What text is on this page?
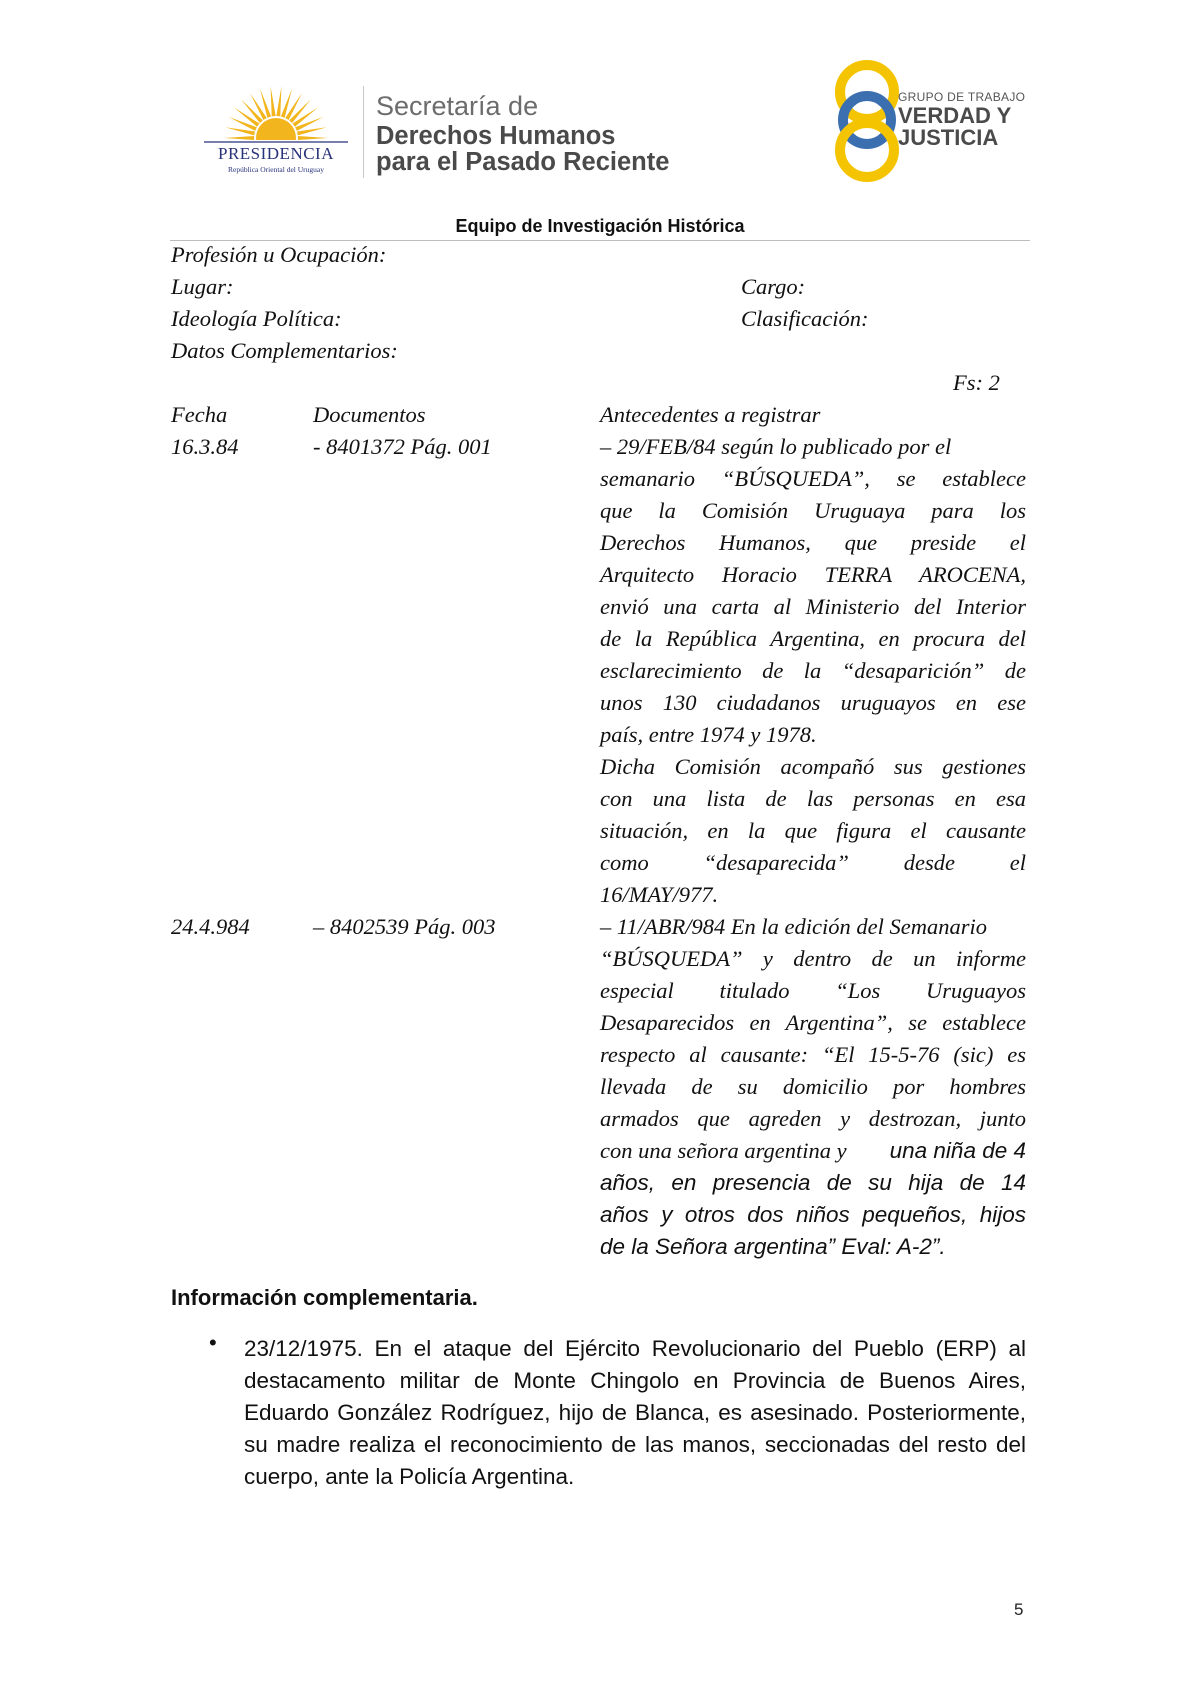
PRESIDENCIA
República Oriental del Uruguay
Secretaría de
Derechos Humanos
para el Pasado Reciente
GRUPO DE TRABAJO
VERDAD Y
JUSTICIA
Equipo de Investigación Histórica
Profesión u Ocupación:
Lugar:	Cargo:
Ideología Política:	Clasificación:
Datos Complementarios:
Fs: 2
Fecha	Documentos	Antecedentes a registrar
16.3.84	- 8401372 Pág. 001	– 29/FEB/84 según lo publicado por el
semanario “BÚSQUEDA”, se establece
que la Comisión Uruguaya para los
Derechos Humanos, que preside el
Arquitecto Horacio TERRA AROCENA,
envió una carta al Ministerio del Interior
de la República Argentina, en procura del
esclarecimiento de la “desaparición” de
unos 130 ciudadanos uruguayos en ese
país, entre 1974 y 1978.
Dicha Comisión acompañó sus gestiones
con una lista de las personas en esa
situación, en la que figura el causante
como “desaparecida” desde el
16/MAY/977.
24.4.984	– 8402539 Pág. 003	– 11/ABR/984 En la edición del Semanario
“BÚSQUEDA” y dentro de un informe
especial titulado “Los Uruguayos
Desaparecidos en Argentina”, se establece
respecto al causante: “El 15-5-76 (sic) es
llevada de su domicilio por hombres
armados que agreden y destrozan, junto
con una señora argentina y una niña de 4
años, en presencia de su hija de 14
años y otros dos niños pequeños, hijos
de la Señora argentina” Eval: A-2”.
Información complementaria.
• 23/12/1975. En el ataque del Ejército Revolucionario del Pueblo (ERP) al destacamento militar de Monte Chingolo en Provincia de Buenos Aires, Eduardo González Rodríguez, hijo de Blanca, es asesinado. Posteriormente, su madre realiza el reconocimiento de las manos, seccionadas del resto del cuerpo, ante la Policía Argentina.
5
